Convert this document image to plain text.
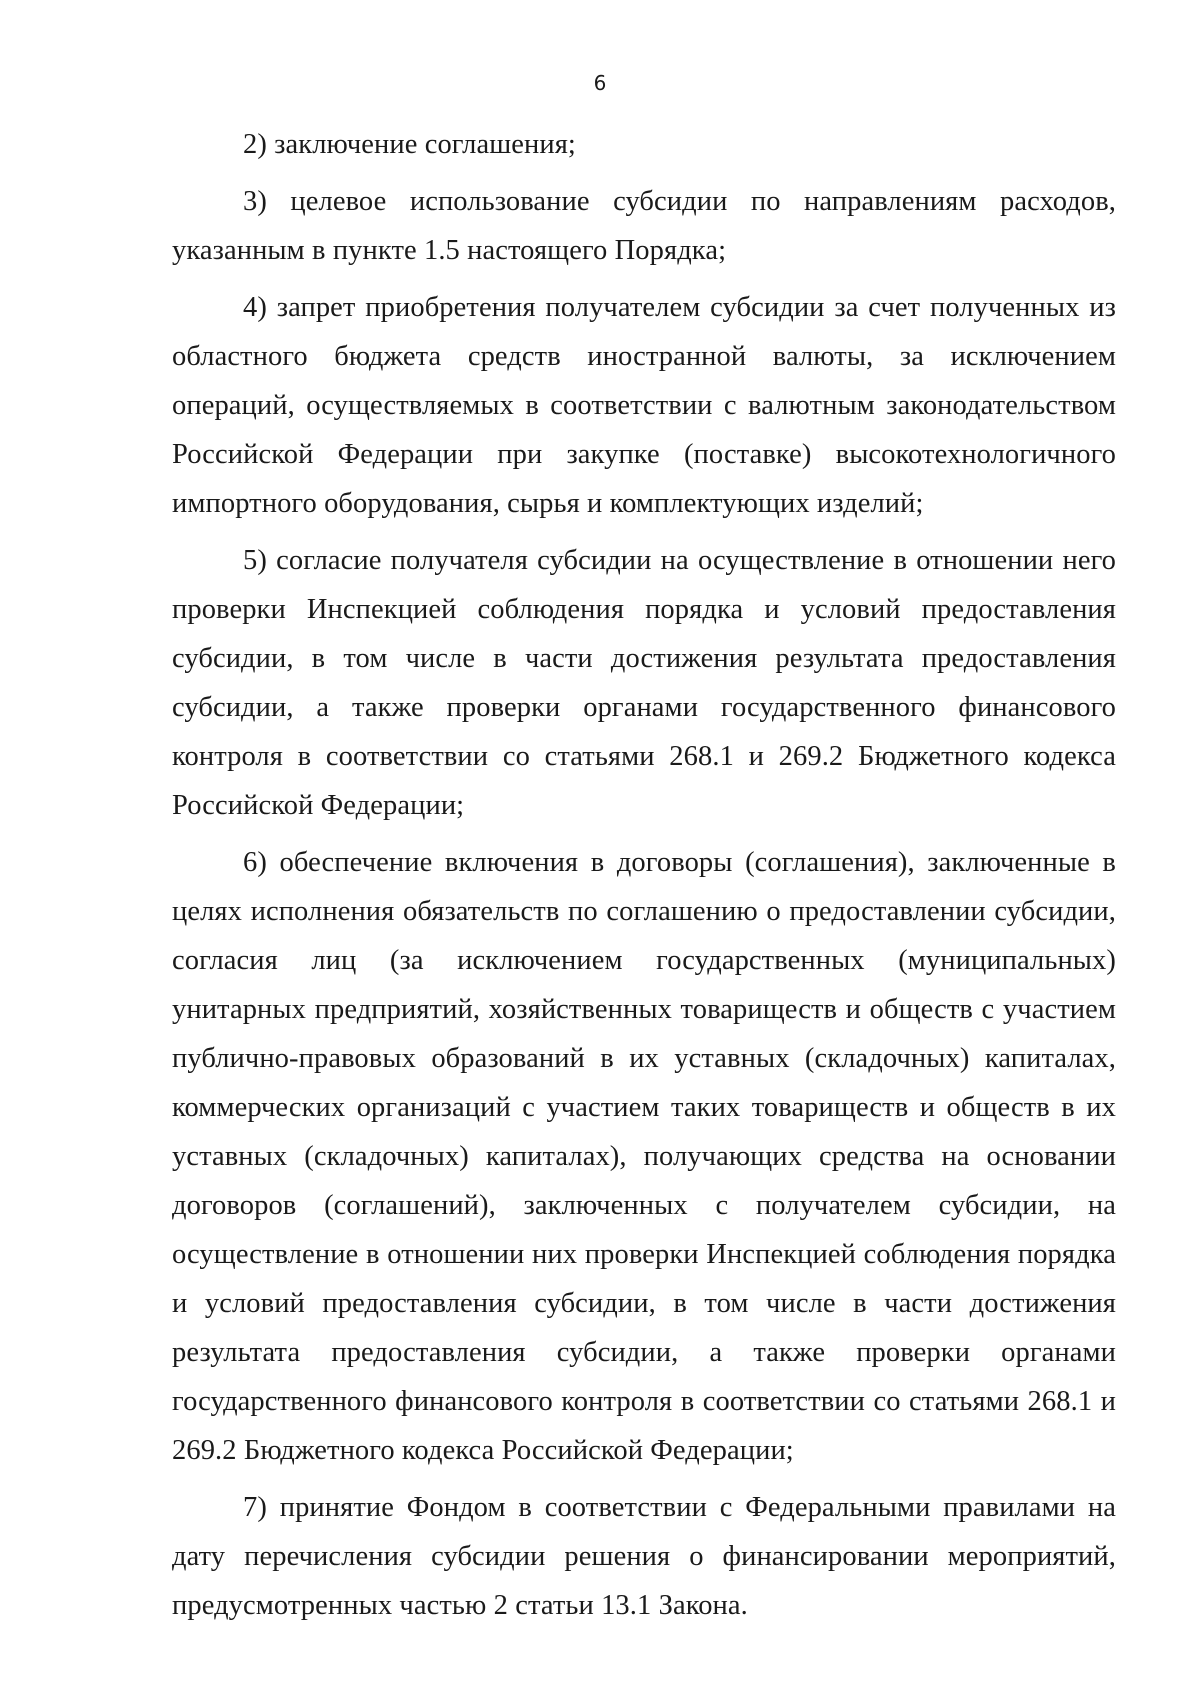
6

2) заключение соглашения;

3) целевое использование субсидии по направлениям расходов, указанным в пункте 1.5 настоящего Порядка;

4) запрет приобретения получателем субсидии за счет полученных из областного бюджета средств иностранной валюты, за исключением операций, осуществляемых в соответствии с валютным законодательством Российской Федерации при закупке (поставке) высокотехнологичного импортного оборудования, сырья и комплектующих изделий;

5) согласие получателя субсидии на осуществление в отношении него проверки Инспекцией соблюдения порядка и условий предоставления субсидии, в том числе в части достижения результата предоставления субсидии, а также проверки органами государственного финансового контроля в соответствии со статьями 268.1 и 269.2 Бюджетного кодекса Российской Федерации;

6) обеспечение включения в договоры (соглашения), заключенные в целях исполнения обязательств по соглашению о предоставлении субсидии, согласия лиц (за исключением государственных (муниципальных) унитарных предприятий, хозяйственных товариществ и обществ с участием публично-правовых образований в их уставных (складочных) капиталах, коммерческих организаций с участием таких товариществ и обществ в их уставных (складочных) капиталах), получающих средства на основании договоров (соглашений), заключенных с получателем субсидии, на осуществление в отношении них проверки Инспекцией соблюдения порядка и условий предоставления субсидии, в том числе в части достижения результата предоставления субсидии, а также проверки органами государственного финансового контроля в соответствии со статьями 268.1 и 269.2 Бюджетного кодекса Российской Федерации;

7) принятие Фондом в соответствии с Федеральными правилами на дату перечисления субсидии решения о финансировании мероприятий, предусмотренных частью 2 статьи 13.1 Закона.
